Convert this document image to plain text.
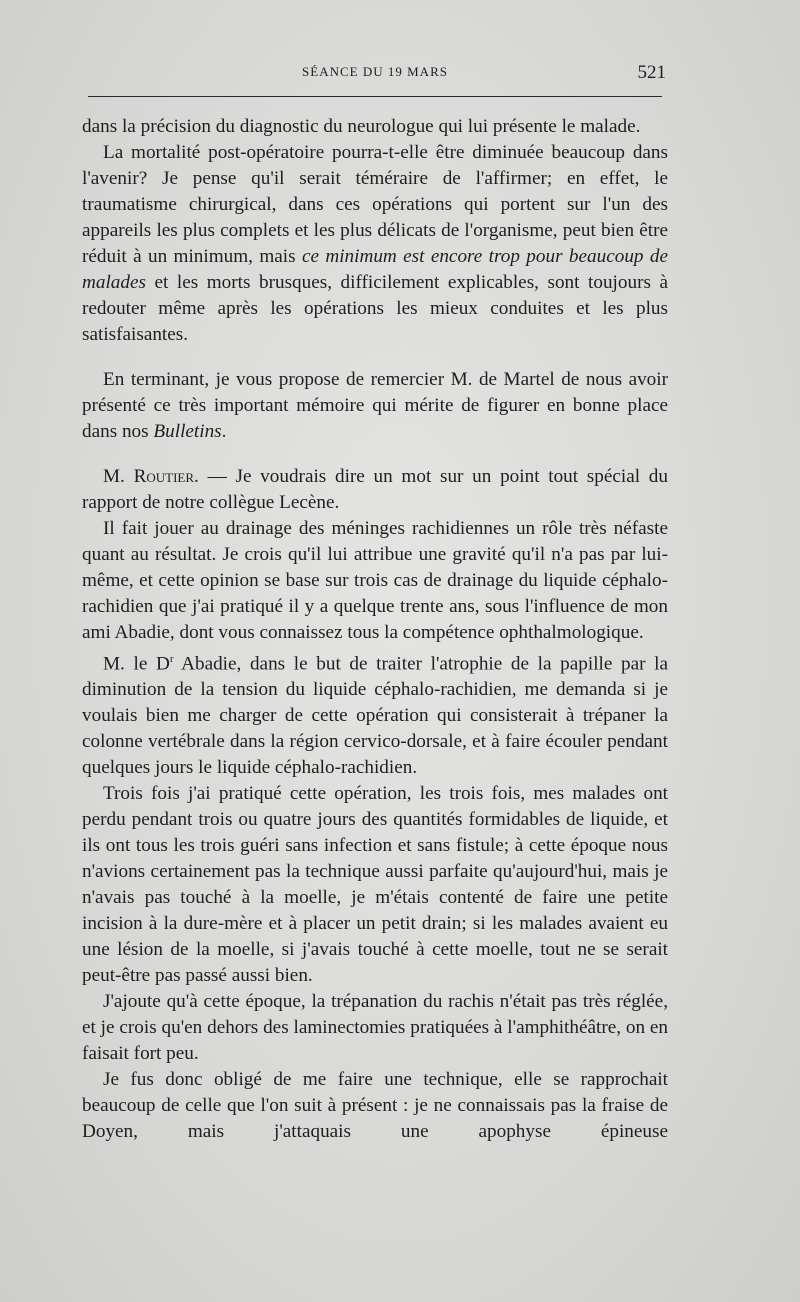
SÉANCE DU 19 MARS	521

dans la précision du diagnostic du neurologue qui lui présente le malade.

La mortalité post-opératoire pourra-t-elle être diminuée beaucoup dans l'avenir? Je pense qu'il serait téméraire de l'affirmer; en effet, le traumatisme chirurgical, dans ces opérations qui portent sur l'un des appareils les plus complets et les plus délicats de l'organisme, peut bien être réduit à un minimum, mais ce minimum est encore trop pour beaucoup de malades et les morts brusques, difficilement explicables, sont toujours à redouter même après les opérations les mieux conduites et les plus satisfaisantes.

En terminant, je vous propose de remercier M. de Martel de nous avoir présenté ce très important mémoire qui mérite de figurer en bonne place dans nos Bulletins.

M. Routier. — Je voudrais dire un mot sur un point tout spécial du rapport de notre collègue Lecène.

Il fait jouer au drainage des méninges rachidiennes un rôle très néfaste quant au résultat. Je crois qu'il lui attribue une gravité qu'il n'a pas par lui-même, et cette opinion se base sur trois cas de drainage du liquide céphalo-rachidien que j'ai pratiqué il y a quelque trente ans, sous l'influence de mon ami Abadie, dont vous connaissez tous la compétence ophthalmologique.

M. le $D^r$ Abadie, dans le but de traiter l'atrophie de la papille par la diminution de la tension du liquide céphalo-rachidien, me demanda si je voulais bien me charger de cette opération qui consisterait à trépaner la colonne vertébrale dans la région cervico-dorsale, et à faire écouler pendant quelques jours le liquide céphalo-rachidien.

Trois fois j'ai pratiqué cette opération, les trois fois, mes malades ont perdu pendant trois ou quatre jours des quantités formidables de liquide, et ils ont tous les trois guéri sans infection et sans fistule; à cette époque nous n'avions certainement pas la technique aussi parfaite qu'aujourd'hui, mais je n'avais pas touché à la moelle, je m'étais contenté de faire une petite incision à la dure-mère et à placer un petit drain; si les malades avaient eu une lésion de la moelle, si j'avais touché à cette moelle, tout ne se serait peut-être pas passé aussi bien.

J'ajoute qu'à cette époque, la trépanation du rachis n'était pas très réglée, et je crois qu'en dehors des laminectomies pratiquées à l'amphithéâtre, on en faisait fort peu.

Je fus donc obligé de me faire une technique, elle se rapprochait beaucoup de celle que l'on suit à présent : je ne connaissais pas la fraise de Doyen, mais j'attaquais une apophyse épineuse
